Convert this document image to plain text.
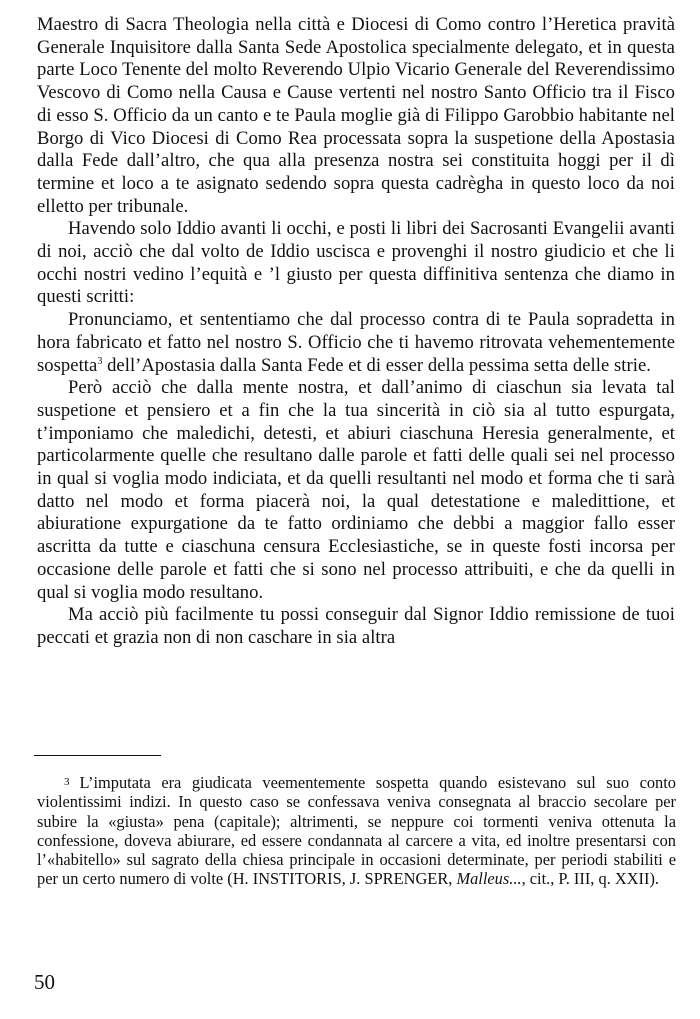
Maestro di Sacra Theologia nella città e Diocesi di Como contro l’Heretica pravità Generale Inquisitore dalla Santa Sede Apostolica specialmente delegato, et in questa parte Loco Tenente del molto Reverendo Ulpio Vicario Generale del Reverendissimo Vescovo di Como nella Causa e Cause vertenti nel nostro Santo Officio tra il Fisco di esso S. Officio da un canto e te Paula moglie già di Filippo Garobbio habitante nel Borgo di Vico Diocesi di Como Rea processata sopra la suspetione della Apostasia dalla Fede dall’altro, che qua alla presenza nostra sei constituita hoggi per il dì termine et loco a te asignato sedendo sopra questa cadrègha in questo loco da noi elletto per tribunale.

Havendo solo Iddio avanti li occhi, e posti li libri dei Sacrosanti Evangelii avanti di noi, acciò che dal volto de Iddio uscisca e provenghi il nostro giudicio et che li occhi nostri vedino l’equità e ’l giusto per questa diffinitiva sentenza che diamo in questi scritti:

Pronunciamo, et sententiamo che dal processo contra di te Paula sopradetta in hora fabricato et fatto nel nostro S. Officio che ti havemo ritrovata vehementemente sospetta$^3$ dell’Apostasia dalla Santa Fede et di esser della pessima setta delle strie.

Però acciò che dalla mente nostra, et dall’animo di ciaschun sia levata tal suspetione et pensiero et a fin che la tua sincerità in ciò sia al tutto espurgata, t’imponiamo che maledichi, detesti, et abiuri ciaschuna Heresia generalmente, et particolarmente quelle che resultano dalle parole et fatti delle quali sei nel processo in qual si voglia modo indiciata, et da quelli resultanti nel modo et forma che ti sarà datto nel modo et forma piacerà noi, la qual detestatione e maledittione, et abiuratione expurgatione da te fatto ordiniamo che debbi a maggior fallo esser ascritta da tutte e ciaschuna censura Ecclesiastiche, se in queste fosti incorsa per occasione delle parole et fatti che si sono nel processo attribuiti, e che da quelli in qual si voglia modo resultano.

Ma acciò più facilmente tu possi conseguir dal Signor Iddio remissione de tuoi peccati et grazia non di non caschare in sia altra

3 L’imputata era giudicata veementemente sospetta quando esistevano sul suo conto violentissimi indizi. In questo caso se confessava veniva consegnata al braccio secolare per subire la «giusta» pena (capitale); altrimenti, se neppure coi tormenti veniva ottenuta la confessione, doveva abiurare, ed essere condannata al carcere a vita, ed inoltre presentarsi con l’«habitello» sul sagrato della chiesa principale in occasioni determinate, per periodi stabiliti e per un certo numero di volte (H. INSTITORIS, J. SPRENGER, Malleus..., cit., P. III, q. XXII).

50
